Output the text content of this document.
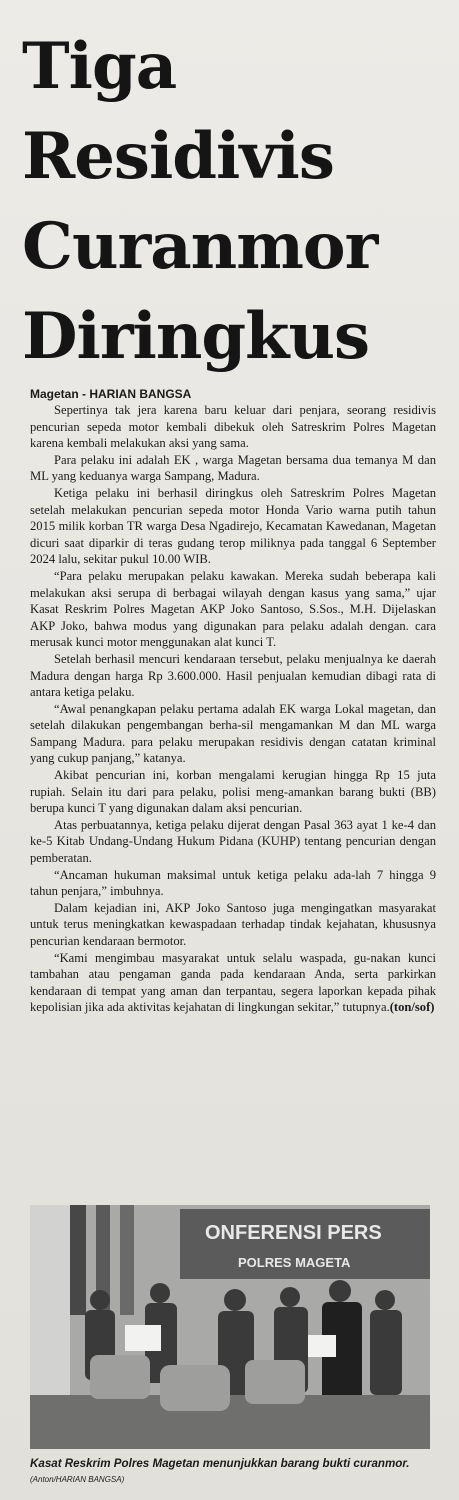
Tiga
Residivis
Curanmor
Diringkus
Magetan - HARIAN BANGSA

Sepertinya tak jera karena baru keluar dari penjara, seorang residivis pencurian sepeda motor kembali dibekuk oleh Satreskrim Polres Magetan karena kembali melakukan aksi yang sama.

Para pelaku ini adalah EK , warga Magetan bersama dua temanya M dan ML yang keduanya warga Sampang, Madura.

Ketiga pelaku ini berhasil diringkus oleh Satreskrim Polres Magetan setelah melakukan pencurian sepeda motor Honda Vario warna putih tahun 2015 milik korban TR warga Desa Ngadirejo, Kecamatan Kawedanan, Magetan dicuri saat diparkir di teras gudang terop miliknya pada tanggal 6 September 2024 lalu, sekitar pukul 10.00 WIB.

“Para pelaku merupakan pelaku kawakan. Mereka sudah beberapa kali melakukan aksi serupa di berbagai wilayah dengan kasus yang sama,” ujar Kasat Reskrim Polres Magetan AKP Joko Santoso, S.Sos., M.H. Dijelaskan AKP Joko, bahwa modus yang digunakan para pelaku adalah dengan. cara merusak kunci motor menggunakan alat kunci T.

Setelah berhasil mencuri kendaraan tersebut, pelaku menjualnya ke daerah Madura dengan harga Rp 3.600.000. Hasil penjualan kemudian dibagi rata di antara ketiga pelaku.

“Awal penangkapan pelaku pertama adalah EK warga Lokal magetan, dan setelah dilakukan pengembangan berha-sil mengamankan M dan ML warga Sampang Madura. para pelaku merupakan residivis dengan catatan kriminal yang cukup panjang,” katanya.

Akibat pencurian ini, korban mengalami kerugian hingga Rp 15 juta rupiah. Selain itu dari para pelaku, polisi meng-amankan barang bukti (BB) berupa kunci T yang digunakan dalam aksi pencurian.

Atas perbuatannya, ketiga pelaku dijerat dengan Pasal 363 ayat 1 ke-4 dan ke-5 Kitab Undang-Undang Hukum Pidana (KUHP) tentang pencurian dengan pemberatan.

“Ancaman hukuman maksimal untuk ketiga pelaku ada-lah 7 hingga 9 tahun penjara,” imbuhnya.

Dalam kejadian ini, AKP Joko Santoso juga mengingatkan masyarakat untuk terus meningkatkan kewaspadaan terhadap tindak kejahatan, khususnya pencurian kendaraan bermotor.

“Kami mengimbau masyarakat untuk selalu waspada, gu-nakan kunci tambahan atau pengaman ganda pada kendaraan Anda, serta parkirkan kendaraan di tempat yang aman dan terpantau, segera laporkan kepada pihak kepolisian jika ada aktivitas kejahatan di lingkungan sekitar,” tutupnya.(ton/sof)

ONFERENSI PERS
POLRES MAGETA
Kasat Reskrim Polres Magetan menunjukkan barang bukti curanmor. (Anton/HARIAN BANGSA)
